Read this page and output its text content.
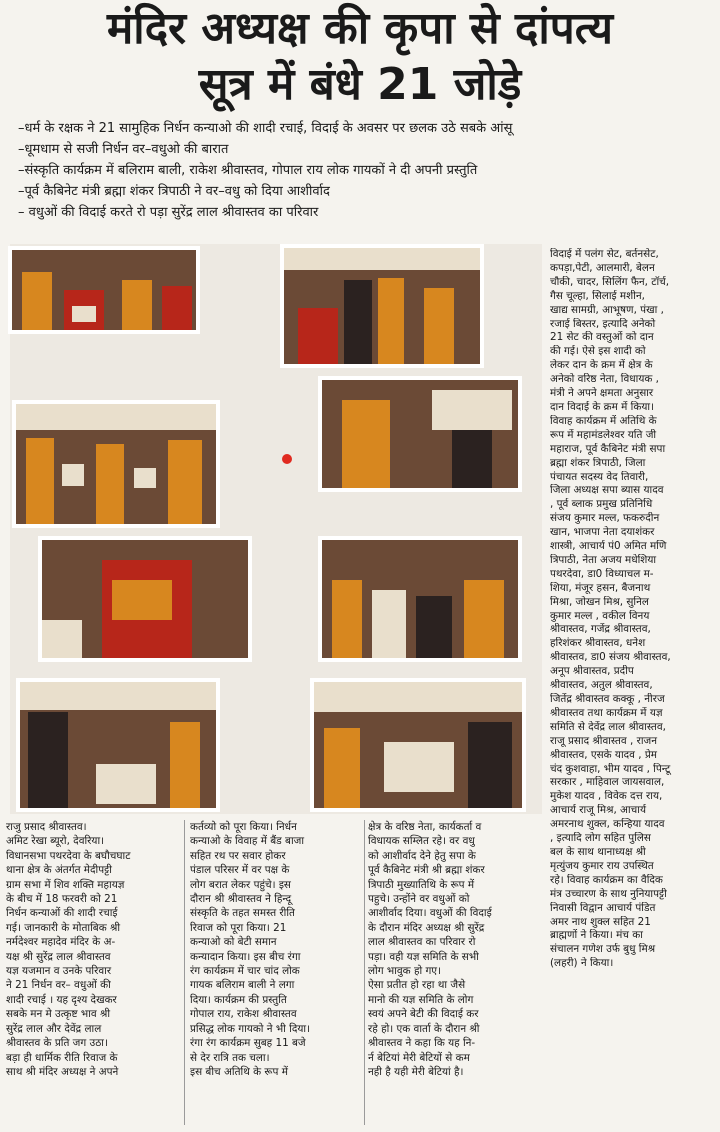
मंदिर अध्यक्ष की कृपा से दांपत्य
सूत्र में बंधे 21 जोड़े
–धर्म के रक्षक ने 21 सामुहिक निर्धन कन्याओ की शादी रचाई, विदाई के अवसर पर छलक उठे सबके आंसू
–धूमधाम से सजी निर्धन वर–वधुओ की बारात
–संस्कृति कार्यक्रम में बलिराम बाली, राकेश श्रीवास्तव, गोपाल राय लोक गायकों ने दी अपनी प्रस्तुति
–पूर्व कैबिनेट मंत्री ब्रह्मा शंकर त्रिपाठी ने वर–वधु को दिया आशीर्वाद
– वधुओं की विदाई करते रो पड़ा सुरेंद्र लाल श्रीवास्तव का परिवार
विदाई में पलंग सेट, बर्तनसेट,
कपड़ा,पेटी, आलमारी, बेलन
चौकी, चादर, सिलिंग फैन, टॉर्च,
गैस चूल्हा, सिलाई मशीन,
खाद्य सामग्री, आभूषण, पंखा ,
रजाई बिस्तर, इत्यादि अनेको
21 सेट की वस्तुओं को दान
की गई। ऐसे इस शादी को
लेकर दान के क्रम में क्षेत्र के
अनेको वरिष्ठ नेता, विधायक ,
मंत्री ने अपने क्षमता अनुसार
दान विदाई के क्रम में किया।
विवाह कार्यक्रम में अतिथि के
रूप में महामंडलेश्वर यति जी
महाराज, पूर्व कैबिनेट मंत्री सपा
ब्रह्मा शंकर त्रिपाठी, जिला
पंचायत सदस्य वेद तिवारी,
जिला अध्यक्ष सपा ब्यास यादव
, पूर्व ब्लाक प्रमुख प्रतिनिधि
संजय कुमार मल्ल, फकरुदीन
खान, भाजपा नेता दयाशंकर
शास्त्री, आचार्य पं0 अमित मणि
त्रिपाठी, नेता अजय मधेशिया
पथरदेवा, डा0 विध्याचल म-
शिया, मंजूर हसन, बैजनाथ
मिश्रा, जोखन मिश्र, सुनिल
कुमार मल्ल , वकील विनय
श्रीवास्तव, गजेंद्र श्रीवास्तव,
हरिशंकर श्रीवास्तव, धनेश
श्रीवास्तव, डा0 संजय श्रीवास्तव,
अनूप श्रीवास्तव, प्रदीप
श्रीवास्तव, अतुल श्रीवास्तव,
जितेंद्र श्रीवास्तव कक्कू , नीरज
श्रीवास्तव तथा कार्यक्रम में यज्ञ
समिति से देवेंद्र लाल श्रीवास्तव,
राजू प्रसाद श्रीवास्तव , राजन
श्रीवास्तव, एसके यादव , प्रेम
चंद कुशवाहा, भीम यादव , पिन्टू
सरकार , माहिवाल जायसवाल,
मुकेश यादव , विवेक दत्त राय,
आचार्य राजू मिश्र, आचार्य
अमरनाथ शुक्ल, कन्हिया यादव
, इत्यादि लोग सहित पुलिस
बल के साथ थानाध्यक्ष श्री
मृत्युंजय कुमार राय उपस्थित
रहे। विवाह कार्यक्रम का वैदिक
मंत्र उच्चारण के साथ नुनियापट्टी
निवासी विद्वान आचार्य पंडित
अमर नाथ शुक्ल सहित 21
ब्राह्मणों ने किया। मंच का
संचालन गणेश उर्फ बुधु मिश्र
(लहरी) ने किया।
राजु प्रसाद श्रीवास्तव।
अमिट रेखा ब्यूरो, देवरिया।
विधानसभा पथरदेवा के बघौचघाट
थाना क्षेत्र के अंतर्गत मेदीपट्टी
ग्राम सभा में शिव शक्ति महायज्ञ
के बीच में 18 फरवरी को 21
निर्धन कन्याओं की शादी रचाई
गई। जानकारी के मोताबिक श्री
नर्मदेश्वर महादेव मंदिर के अ-
यक्ष श्री सुरेंद्र लाल श्रीवास्तव
यज्ञ यजमान व उनके परिवार
ने 21 निर्धन वर– वधुओं की
शादी रचाई । यह दृश्य देखकर
सबके मन मे उत्कृष्ट भाव श्री
सुरेंद्र लाल और देवेंद्र लाल
श्रीवास्तव के प्रति जग उठा।
बड़ा ही धार्मिक रीति रिवाज के
साथ श्री मंदिर अध्यक्ष ने अपने
कर्तव्यो को पूरा किया। निर्धन
कन्याओ के विवाह में बैंड बाजा
सहित रथ पर सवार होकर
पंडाल परिसर में वर पक्ष के
लोग बरात लेकर पहुंचे। इस
दौरान श्री श्रीवास्तव ने हिन्दू
संस्कृति के तहत समस्त रीति
रिवाज को पूरा किया। 21
कन्याओ को बेटी समान
कन्यादान किया। इस बीच रंगा
रंग कार्यक्रम में चार चांद लोक
गायक बलिराम बाली ने लगा
दिया। कार्यक्रम की प्रस्तुति
गोपाल राय, राकेश श्रीवास्तव
प्रसिद्ध लोक गायको ने भी दिया।
रंगा रंग कार्यक्रम सुबह 11 बजे
से देर रात्रि तक चला।
इस बीच अतिथि के रूप में
क्षेत्र के वरिष्ठ नेता, कार्यकर्ता व
विधायक सम्लित रहे। वर वधु
को आशीर्वाद देने हेतु सपा के
पूर्व कैबिनेट मंत्री श्री ब्रह्मा शंकर
त्रिपाठी मुख्यातिथि के रूप में
पहुचे। उन्होंने वर वधुओं को
आशीर्वाद दिया। वधुओं की विदाई
के दौरान मंदिर अध्यक्ष श्री सुरेंद्र
लाल श्रीवास्तव का परिवार रो
पड़ा। वही यज्ञ समिति के सभी
लोग भावुक हो गए।
ऐसा प्रतीत हो रहा था जैसे
मानो की यज्ञ समिति के लोग
स्वयं अपने बेटी की विदाई कर
रहे हो। एक वार्ता के दौरान श्री
श्रीवास्तव ने कहा कि यह नि-
र्न बेटियां मेरी बेटियों से कम
नही है यही मेरी बेटियां है।
